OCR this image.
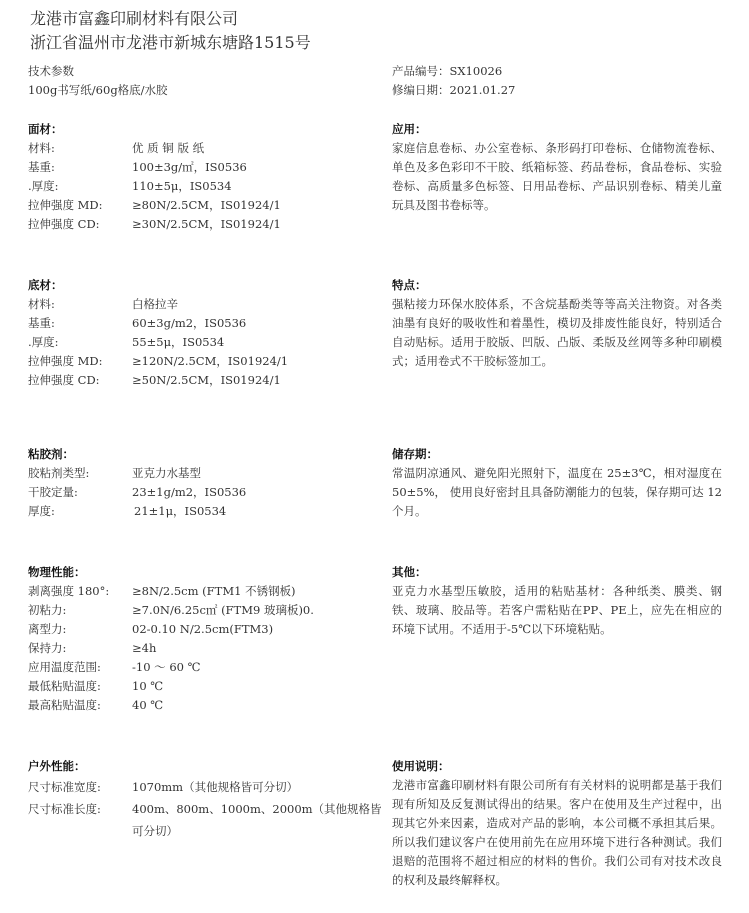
龙港市富鑫印刷材料有限公司
浙江省温州市龙港市新城东塘路1515号
技术参数
100g书写纸/60g格底/水胶
产品编号：SX10026
修编日期：2021.01.27
面材：
材料:	优 质 铜 版 纸
基重:	100±3g/㎡，IS0536
.厚度:	110±5μ，IS0534
拉伸强度 MD:	≥80N/2.5CM，IS01924/1
拉伸强度 CD:	≥30N/2.5CM，IS01924/1
底材：
材料:	白格拉辛
基重:	60±3g/m2，IS0536
.厚度:	55±5μ，IS0534
拉伸强度 MD:	≥120N/2.5CM，IS01924/1
拉伸强度 CD:	≥50N/2.5CM，IS01924/1
粘胶剂：
胶粘剂类型:	亚克力水基型
干胶定量:	23±1g/m2，IS0536
厚度:	21±1μ，IS0534
物理性能：
剥离强度 180°: ≥8N/2.5cm (FTM1 不锈钢板)
初粘力:	≥7.0N/6.25c㎡ (FTM9 玻璃板)0.
离型力:	02-0.10 N/2.5cm(FTM3)
保持力:	≥4h
应用温度范围:	-10 ～ 60 ℃
最低粘贴温度:	10 ℃
最高粘贴温度:	40 ℃
户外性能：
尺寸标准宽度:	1070mm（其他规格皆可分切）
尺寸标准长度:	400m、800m、1000m、2000m（其他规格皆
可分切）
应用：
家庭信息卷标、办公室卷标、条形码打印卷标、仓储物流卷标、单色及多色彩印不干胶、纸箱标签、药品卷标，食品卷标、实验卷标、高质量多色标签、日用品卷标、产品识别卷标、精美儿童玩具及图书卷标等。
特点：
强粘接力环保水胶体系，不含烷基酚类等等高关注物资。对各类油墨有良好的吸收性和着墨性，模切及排废性能良好，特别适合自动贴标。适用于胶版、凹版、凸版、柔版及丝网等多种印刷模式；适用卷式不干胶标签加工。
储存期：
常温阴凉通风、避免阳光照射下，温度在 25±3℃，相对湿度在 50±5%， 使用良好密封且具备防潮能力的包装，保存期可达 12 个月。
其他：
亚克力水基型压敏胶，适用的粘贴基材：各种纸类、膜类、钢铁、玻璃、胶品等。若客户需粘贴在PP、PE上，应先在相应的环境下试用。不适用于-5℃以下环境粘贴。
使用说明：
龙港市富鑫印刷材料有限公司所有有关材料的说明都是基于我们现有所知及反复测试得出的结果。客户在使用及生产过程中，出现其它外来因素，造成对产品的影响，本公司概不承担其后果。所以我们建议客户在使用前先在应用环境下进行各种测试。我们退赔的范围将不超过相应的材料的售价。我们公司有对技术改良的权利及最终解释权。
